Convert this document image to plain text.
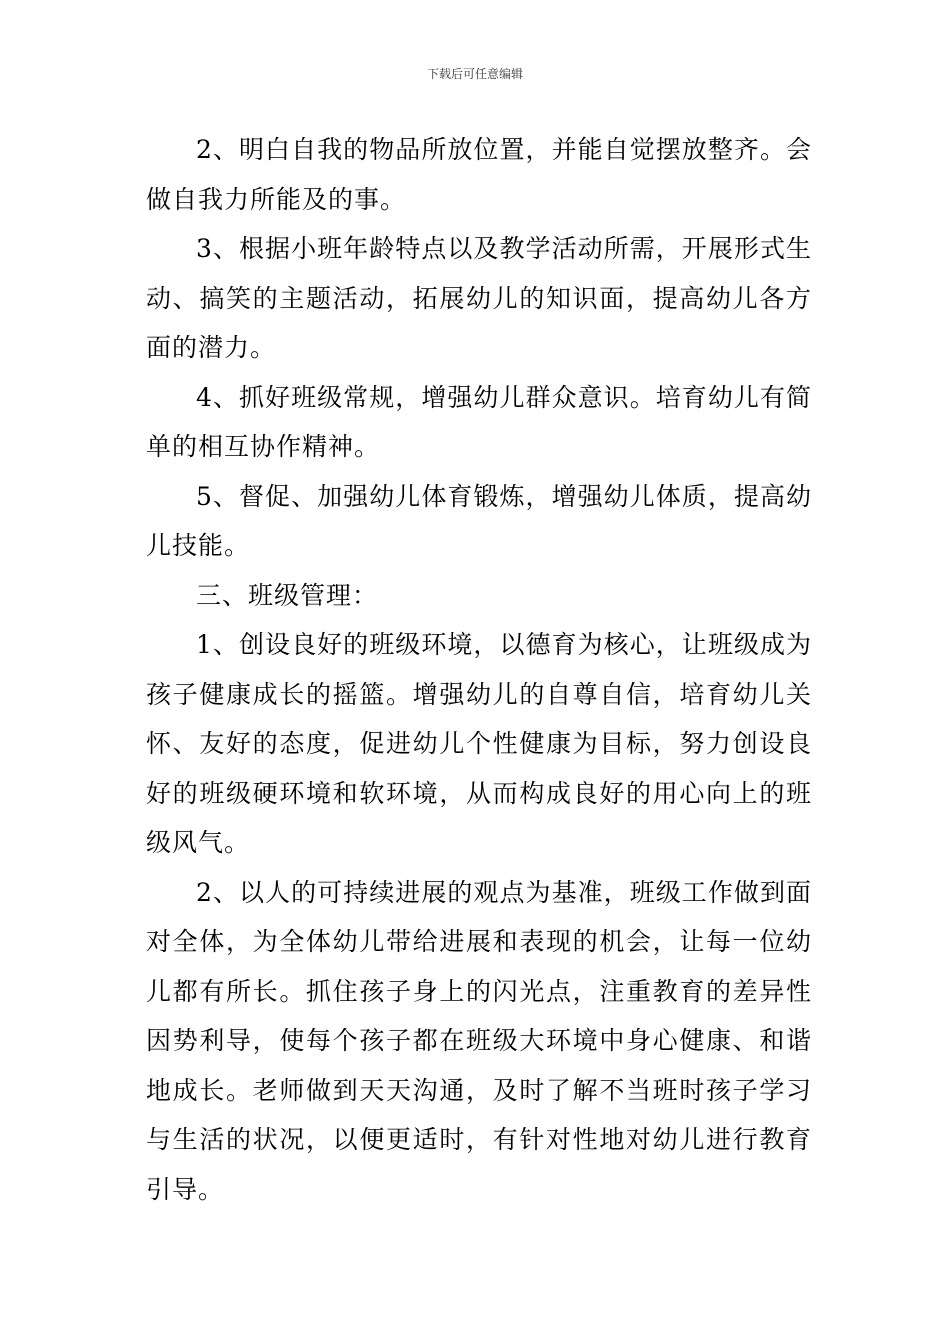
下载后可任意编辑

2、明白自我的物品所放位置，并能自觉摆放整齐。会做自我力所能及的事。

3、根据小班年龄特点以及教学活动所需，开展形式生动、搞笑的主题活动，拓展幼儿的知识面，提高幼儿各方面的潜力。

4、抓好班级常规，增强幼儿群众意识。培育幼儿有简单的相互协作精神。

5、督促、加强幼儿体育锻炼，增强幼儿体质，提高幼儿技能。

三、班级管理：

1、创设良好的班级环境，以德育为核心，让班级成为孩子健康成长的摇篮。增强幼儿的自尊自信，培育幼儿关怀、友好的态度，促进幼儿个性健康为目标，努力创设良好的班级硬环境和软环境，从而构成良好的用心向上的班级风气。

2、以人的可持续进展的观点为基准，班级工作做到面对全体，为全体幼儿带给进展和表现的机会，让每一位幼儿都有所长。抓住孩子身上的闪光点，注重教育的差异性因势利导，使每个孩子都在班级大环境中身心健康、和谐地成长。老师做到天天沟通，及时了解不当班时孩子学习与生活的状况，以便更适时，有针对性地对幼儿进行教育引导。
